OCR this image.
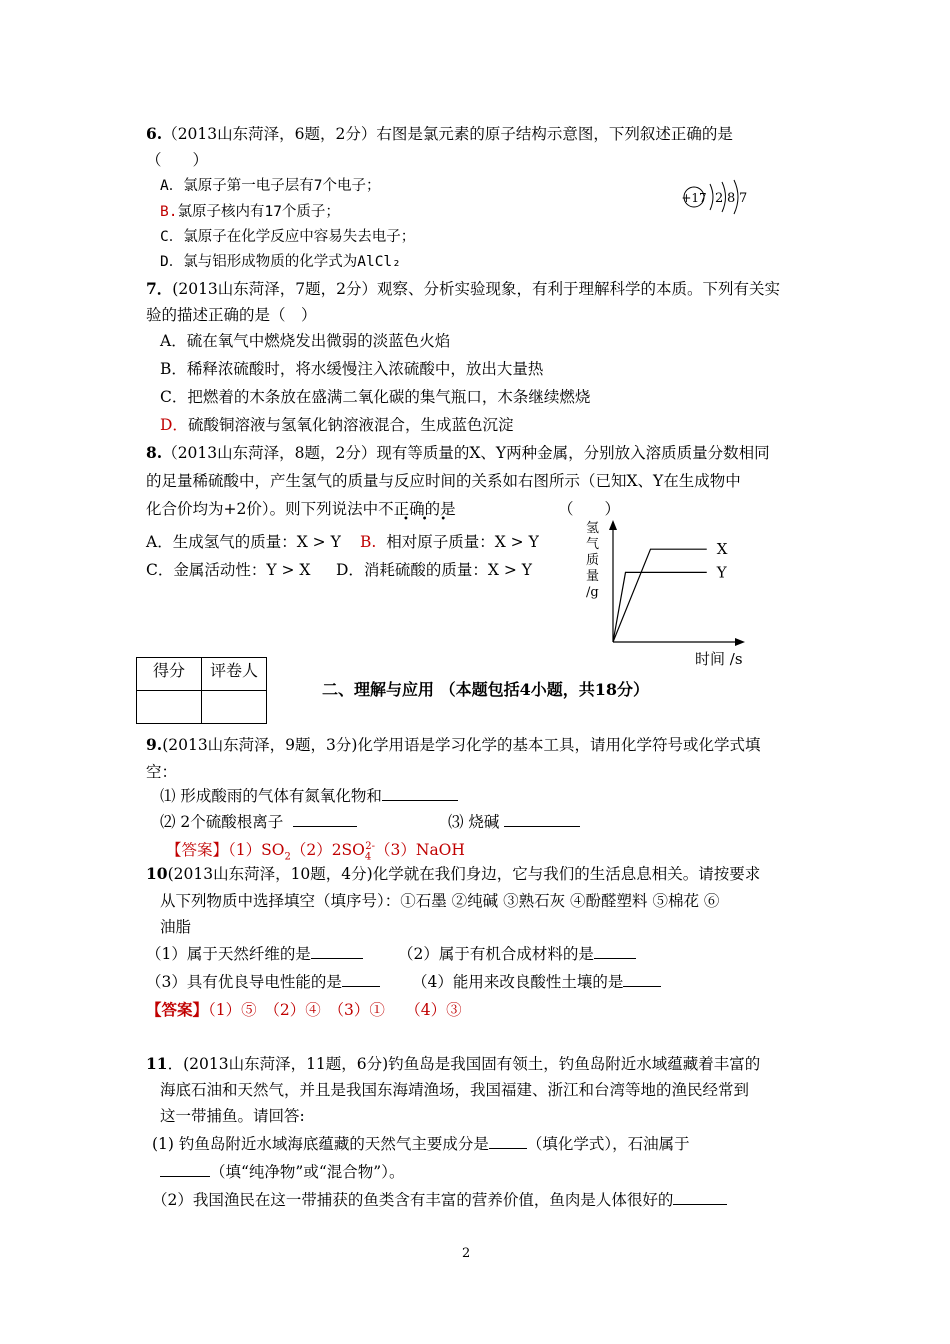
6.（2013山东菏泽，6题，2分）右图是氯元素的原子结构示意图，下列叙述正确的是
（　　）
A．氯原子第一电子层有7个电子；
B.氯原子核内有17个质子；
C．氯原子在化学反应中容易失去电子；
D．氯与铝形成物质的化学式为AlCl₂
+17 2 8 7
7．(2013山东菏泽，7题，2分）观察、分析实验现象，有利于理解科学的本质。下列有关实
验的描述正确的是（　）
A．硫在氧气中燃烧发出微弱的淡蓝色火焰
B．稀释浓硫酸时，将水缓慢注入浓硫酸中，放出大量热
C．把燃着的木条放在盛满二氧化碳的集气瓶口，木条继续燃烧
D．硫酸铜溶液与氢氧化钠溶液混合，生成蓝色沉淀
8.（2013山东菏泽，8题，2分）现有等质量的X、Y两种金属，分别放入溶质质量分数相同
的足量稀硫酸中，产生氢气的质量与反应时间的关系如右图所示（已知X、Y在生成物中
化合价均为+2价）。则下列说法中不正确的是
•    •    •
（　　）
A．生成氢气的质量：X > Y B. 相对原子质量：X > Y
C．金属活动性：Y > X D．消耗硫酸的质量：X > Y
氢
气
质
量
/g
X
Y
时间 /s
得分	评卷人

二、理解与应用 （本题包括4小题，共18分）
9.(2013山东菏泽，9题，3分)化学用语是学习化学的基本工具，请用化学符号或化学式填
空：
⑴ 形成酸雨的气体有氮氧化物和
⑵ 2个硫酸根离子	⑶ 烧碱
【答案】$(1)SO_2(2)2SO_4^{2-}(3)NaOH$
10(2013山东菏泽，10题，4分)化学就在我们身边，它与我们的生活息息相关。请按要求
从下列物质中选择填空（填序号）：①石墨 ②纯碱 ③熟石灰 ④酚醛塑料 ⑤棉花 ⑥
油脂
（1）属于天然纤维的是	（2）属于有机合成材料的是
（3）具有优良导电性能的是	（4）能用来改良酸性土壤的是
【答案】（1）⑤　（2）④　（3）①　 （4）③
11．(2013山东菏泽，11题，6分)钓鱼岛是我国固有领土，钓鱼岛附近水域蕴藏着丰富的
海底石油和天然气，并且是我国东海靖渔场，我国福建、浙江和台湾等地的渔民经常到
这一带捕鱼。请回答:
(1) 钓鱼岛附近水域海底蕴藏的天然气主要成分是 （填化学式），石油属于
（填“纯净物”或“混合物”）。
（2）我国渔民在这一带捕获的鱼类含有丰富的营养价值，鱼肉是人体很好的
2
